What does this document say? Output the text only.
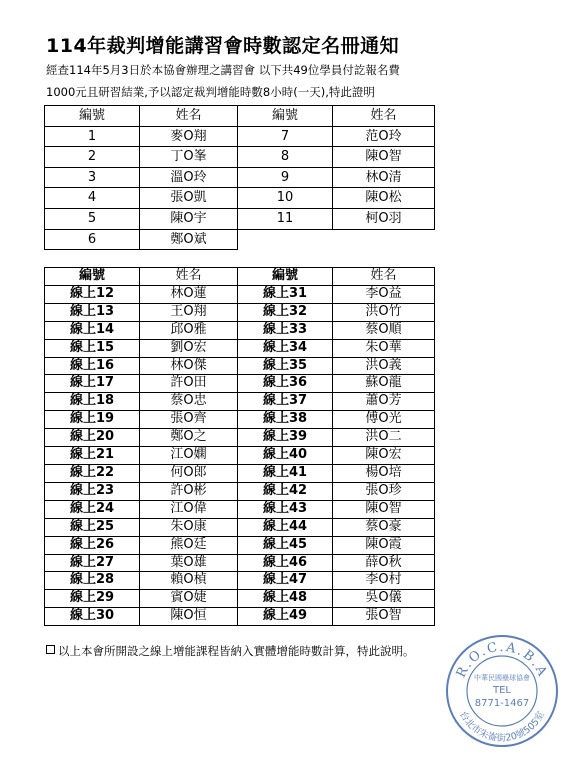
114年裁判增能講習會時數認定名冊通知
經查114年5月3日於本協會辦理之講習會 以下共49位學員付訖報名費
1000元且研習結業,予以認定裁判增能時數8小時(一天),特此證明
編號	姓名	編號	姓名
1	麥O翔	7	范O玲
2	丁O峯	8	陳O智
3	溫O玲	9	林O清
4	張O凱	10	陳O松
5	陳O宇	11	柯O羽
6	鄭O斌		
編號	姓名	編號	姓名
線上12	林O蓮	線上31	李O益
線上13	王O翔	線上32	洪O竹
線上14	邱O雅	線上33	蔡O順
線上15	劉O宏	線上34	朱O華
線上16	林O傑	線上35	洪O義
線上17	許O田	線上36	蘇O龍
線上18	蔡O忠	線上37	蕭O芳
線上19	張O齊	線上38	傅O光
線上20	鄭O之	線上39	洪O二
線上21	江O嫻	線上40	陳O宏
線上22	何O郎	線上41	楊O培
線上23	許O彬	線上42	張O珍
線上24	江O偉	線上43	陳O智
線上25	朱O康	線上44	蔡O豪
線上26	熊O廷	線上45	陳O霞
線上27	葉O雄	線上46	薛O秋
線上28	賴O楨	線上47	李O村
線上29	賓O婕	線上48	吳O儀
線上30	陳O恒	線上49	張O智
以上本會所開設之線上增能課程皆納入實體增能時數計算，特此說明。
R.O.C.A.B.A
台北市朱崙街20號505室
中華民國壘球協會
TEL
8771-1467
